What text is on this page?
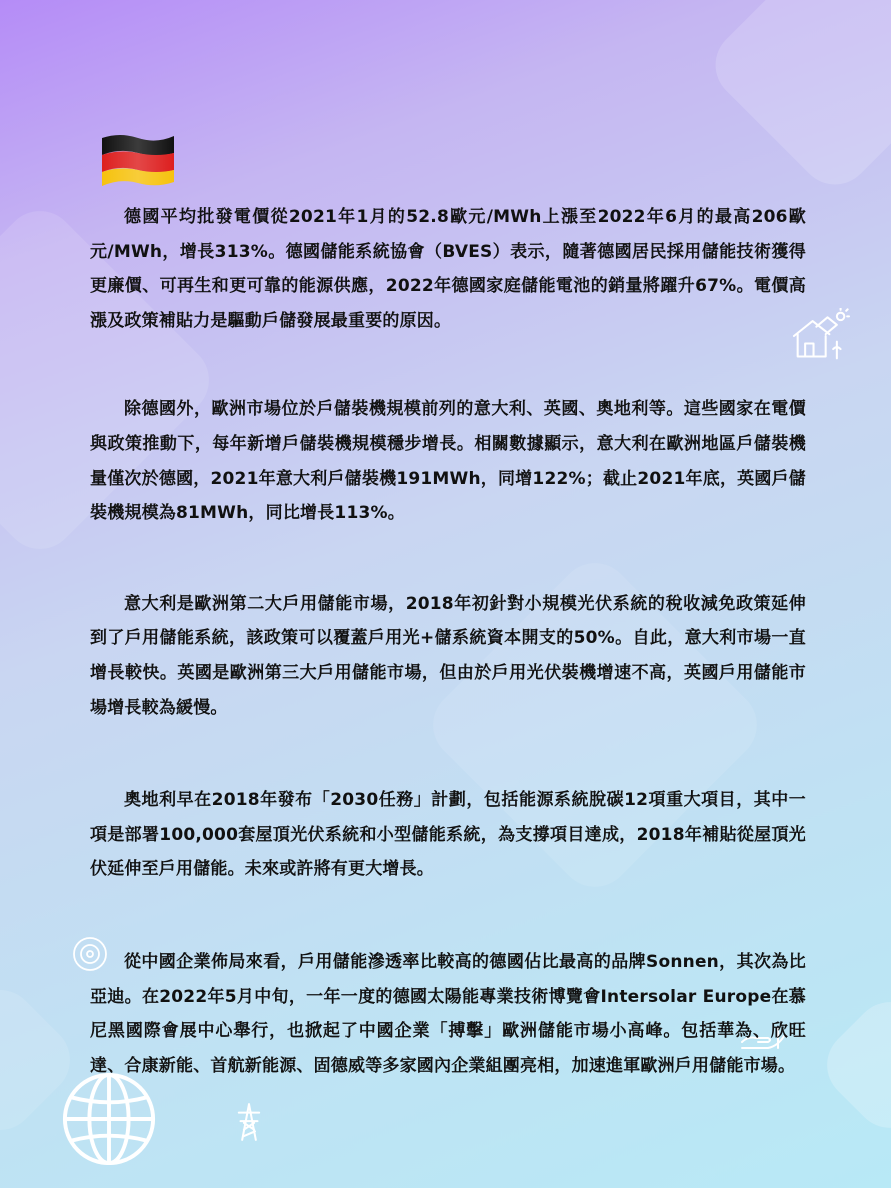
德國平均批發電價從2021年1月的52.8歐元/MWh上漲至2022年6月的最高206歐元/MWh，增長313%。德國儲能系統協會（BVES）表示，隨著德國居民採用儲能技術獲得更廉價、可再生和更可靠的能源供應，2022年德國家庭儲能電池的銷量將躍升67%。電價高漲及政策補貼力是驅動戶儲發展最重要的原因。

除德國外，歐洲市場位於戶儲裝機規模前列的意大利、英國、奧地利等。這些國家在電價與政策推動下，每年新增戶儲裝機規模穩步增長。相關數據顯示，意大利在歐洲地區戶儲裝機量僅次於德國，2021年意大利戶儲裝機191MWh，同增122%；截止2021年底，英國戶儲裝機規模為81MWh，同比增長113%。

意大利是歐洲第二大戶用儲能市場，2018年初針對小規模光伏系統的稅收減免政策延伸到了戶用儲能系統，該政策可以覆蓋戶用光+儲系統資本開支的50%。自此，意大利市場一直增長較快。英國是歐洲第三大戶用儲能市場，但由於戶用光伏裝機增速不高，英國戶用儲能市場增長較為緩慢。

奧地利早在2018年發布「2030任務」計劃，包括能源系統脫碳12項重大項目，其中一項是部署100,000套屋頂光伏系統和小型儲能系統，為支撐項目達成，2018年補貼從屋頂光伏延伸至戶用儲能。未來或許將有更大增長。

從中國企業佈局來看，戶用儲能滲透率比較高的德國佔比最高的品牌Sonnen，其次為比亞迪。在2022年5月中旬，一年一度的德國太陽能專業技術博覽會Intersolar Europe在慕尼黑國際會展中心舉行，也掀起了中國企業「搏擊」歐洲儲能市場小高峰。包括華為、欣旺達、合康新能、首航新能源、固德威等多家國內企業組團亮相，加速進軍歐洲戶用儲能市場。
